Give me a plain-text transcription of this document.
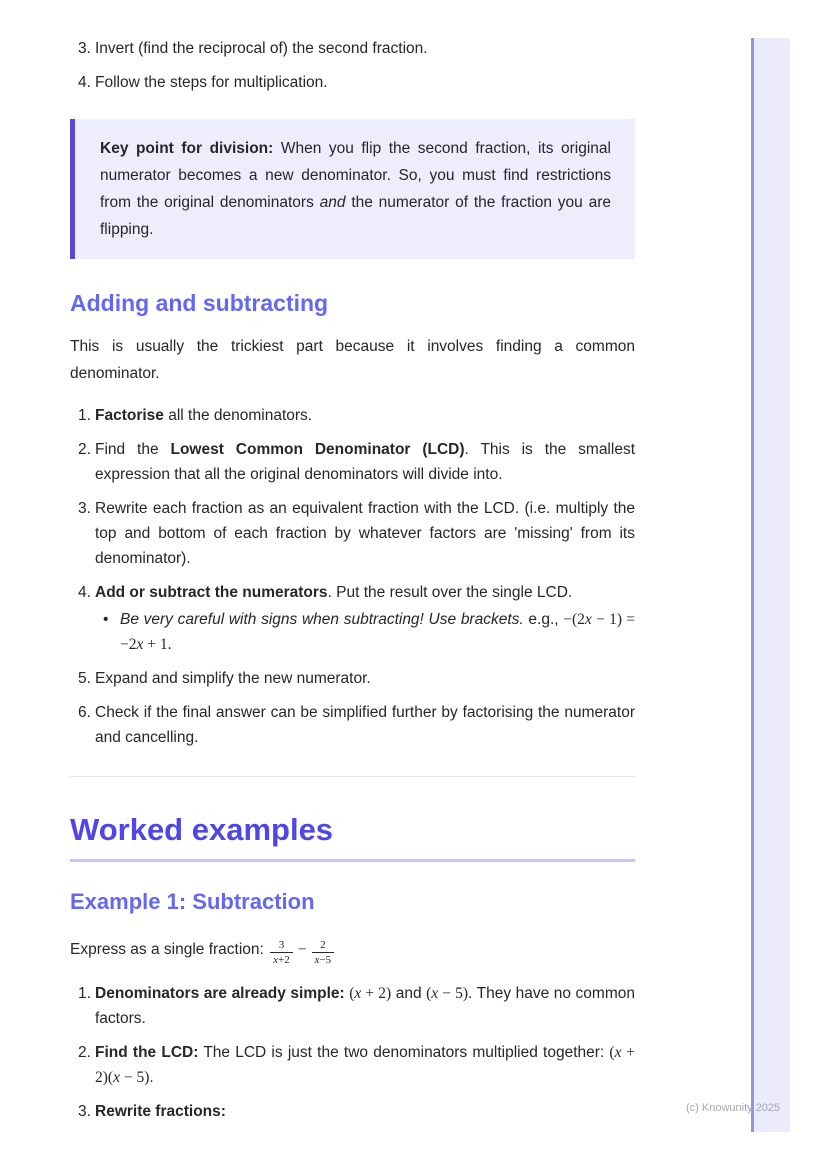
3. Invert (find the reciprocal of) the second fraction.
4. Follow the steps for multiplication.
Key point for division: When you flip the second fraction, its original numerator becomes a new denominator. So, you must find restrictions from the original denominators and the numerator of the fraction you are flipping.
Adding and subtracting

This is usually the trickiest part because it involves finding a common denominator.

1. Factorise all the denominators.
2. Find the Lowest Common Denominator (LCD). This is the smallest expression that all the original denominators will divide into.
3. Rewrite each fraction as an equivalent fraction with the LCD. (i.e. multiply the top and bottom of each fraction by whatever factors are 'missing' from its denominator).
4. Add or subtract the numerators. Put the result over the single LCD.
• Be very careful with signs when subtracting! Use brackets. e.g., −(2x − 1) = −2x + 1.
5. Expand and simplify the new numerator.
6. Check if the final answer can be simplified further by factorising the numerator and cancelling.
Worked examples
Example 1: Subtraction
Express as a single fraction: $\frac{3}{x+2} - \frac{2}{x-5}$
1. Denominators are already simple: (x + 2) and (x − 5). They have no common factors.
2. Find the LCD: The LCD is just the two denominators multiplied together: (x + 2)(x − 5).
3. Rewrite fractions:	(c) Knowunity 2025
